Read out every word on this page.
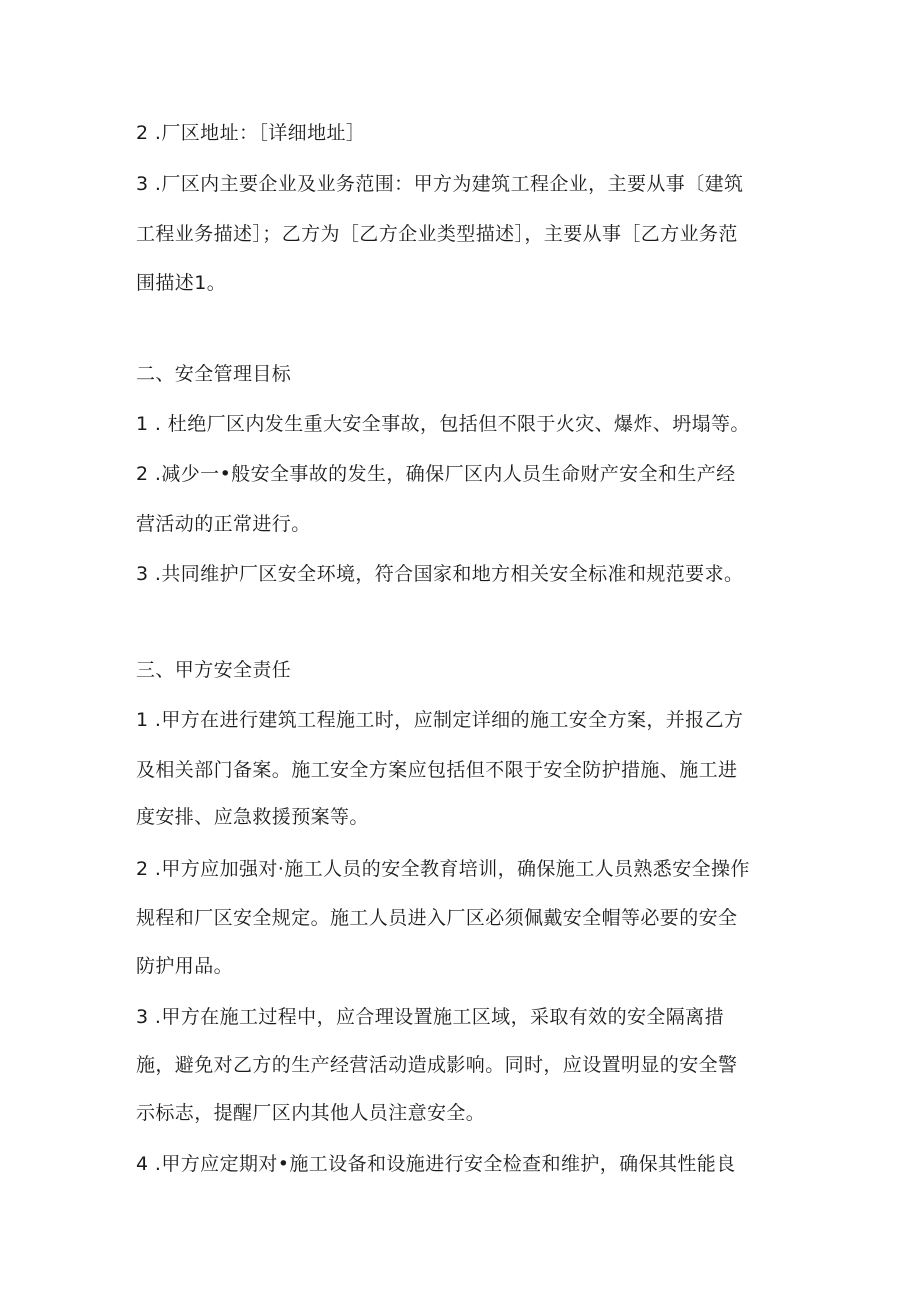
2 .厂区地址：［详细地址］
3 .厂区内主要企业及业务范围：甲方为建筑工程企业，主要从事〔建筑
工程业务描述］；乙方为［乙方企业类型描述］，主要从事［乙方业务范
围描述1。
二、安全管理目标
1 . 杜绝厂区内发生重大安全事故，包括但不限于火灾、爆炸、坍塌等。
2 .减少一•般安全事故的发生，确保厂区内人员生命财产安全和生产经
营活动的正常进行。
3 .共同维护厂区安全环境，符合国家和地方相关安全标准和规范要求。
三、甲方安全责任
1 .甲方在进行建筑工程施工时，应制定详细的施工安全方案，并报乙方
及相关部门备案。施工安全方案应包括但不限于安全防护措施、施工进
度安排、应急救援预案等。
2 .甲方应加强对·施工人员的安全教育培训，确保施工人员熟悉安全操作
规程和厂区安全规定。施工人员进入厂区必须佩戴安全帽等必要的安全
防护用品。
3 .甲方在施工过程中，应合理设置施工区域，采取有效的安全隔离措
施，避免对乙方的生产经营活动造成影响。同时，应设置明显的安全警
示标志，提醒厂区内其他人员注意安全。
4 .甲方应定期对•施工设备和设施进行安全检查和维护，确保其性能良
